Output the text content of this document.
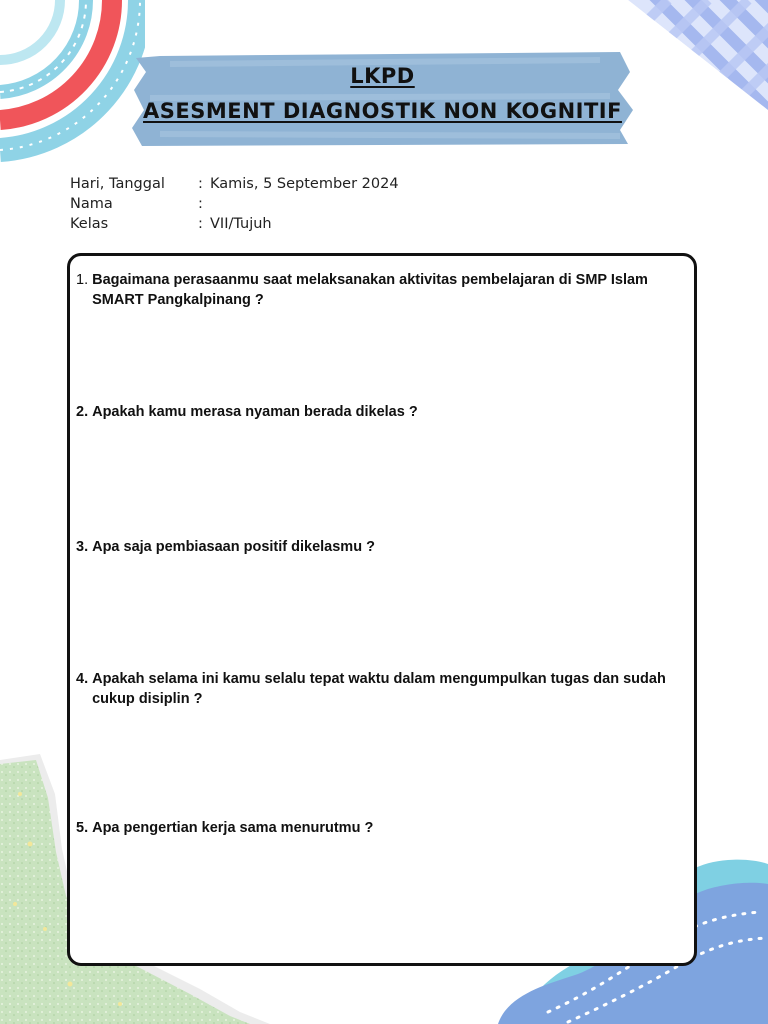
LKPD
ASESMENT DIAGNOSTIK NON KOGNITIF
Hari, Tanggal	: Kamis, 5 September 2024
Nama	:
Kelas	: VII/Tujuh
1. Bagaimana perasaanmu saat melaksanakan aktivitas pembelajaran di SMP Islam SMART Pangkalpinang ?
2. Apakah kamu merasa nyaman berada dikelas ?
3. Apa saja pembiasaan positif dikelasmu ?
4. Apakah selama ini kamu selalu tepat waktu dalam mengumpulkan tugas dan sudah cukup disiplin ?
5. Apa pengertian kerja sama menurutmu ?
